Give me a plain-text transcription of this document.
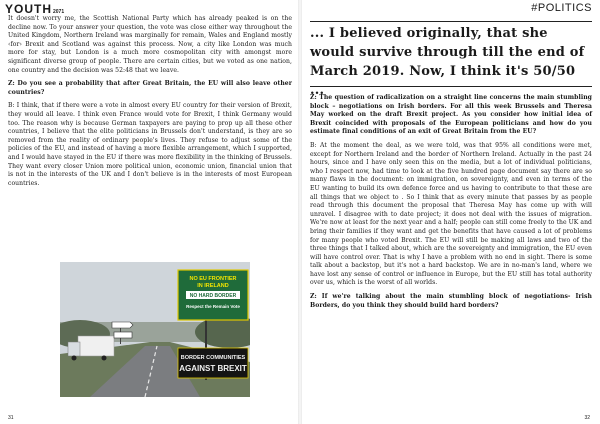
YOUTH2071

It doesn't worry me, the Scottish National Party which has already peaked is on the decline now. To your answer your question, the vote was close either way throughout the United Kingdom, Northern Ireland was marginally for remain, Wales and England mostly ‹for› Brexit and Scotland was against this process. Now, a city like London was much more for stay, but London is a much more cosmopolitan city with amongst more significant diverse group of people. There are certain cities, but we voted as one nation, one country and the decision was 52:48 that we leave.

Z: Do you see a probability that after Great Britain, the EU will also leave other countries?

B: I think, that if there were a vote in almost every EU country for their version of Brexit, they would all leave. I think even France would vote for Brexit, I think Germany would too. The reason why is because German taxpayers are paying to prop up all these other countries, I believe that the elite politicians in Brussels don't understand, is they are so removed from the reality of ordinary people's lives. They refuse to adjust some of the policies of the EU, and instead of having a more flexible arrangement, which I supported, and I would have stayed in the EU if there was more flexibility in the thinking of Brussels. They want every closer Union more political union, economic union, financial union that is not in the interests of the UK and I don't believe is in the interests of most European countries.

NO EU FRONTIER
IN IRELAND
NO HARD BORDER
Respect the Remain Vote
BORDER COMMUNITIES
AGAINST BREXIT
31
#POLITICS
... I believed originally, that she would survive through till the end of March 2019. Now, I think it's 50/50 ...

Z: The question of radicalization on a straight line concerns the main stumbling block – negotiations on Irish borders. For all this week Brussels and Theresa May worked on the draft Brexit project. As you consider how initial idea of Brexit coincided with proposals of the European politicians and how do you estimate final conditions of an exit of Great Britain from the EU?

B: At the moment the deal, as we were told, was that 95% all conditions were met, except for Northern Ireland and the border of Northern Ireland. Actually in the past 24 hours, since and I have only seen this on the media, but a lot of individual politicians, who I respect now, had time to look at the five hundred page document say there are so many flaws in the document: on immigration, on sovereignty, and even in terms of the EU wanting to build its own defence force and us having to contribute to that these are all things that we object to . So I think that as every minute that passes by as people read through this document the proposal that Theresa May has come up with will unravel. I disagree with to date project; it does not deal with the issues of migration. We're now at least for the next year and a half; people can still come freely to the UK and bring their families if they want and get the benefits that have caused a lot of problems for many people who voted Brexit. The EU will still be making all laws and two of the three things that I talked about, which are the sovereignty and immigration, the EU even will have control over. That is why I have a problem with no end in sight. There is some talk about a backstop, but it's not a hard backstop. We are in no-man's land, where we have lost any sense of control or influence in Europe, but the EU still has total authority over us, which is the worst of all worlds.

Z: If we're talking about the main stumbling block of negotiations- Irish Borders, do you think they should build hard borders?

32
